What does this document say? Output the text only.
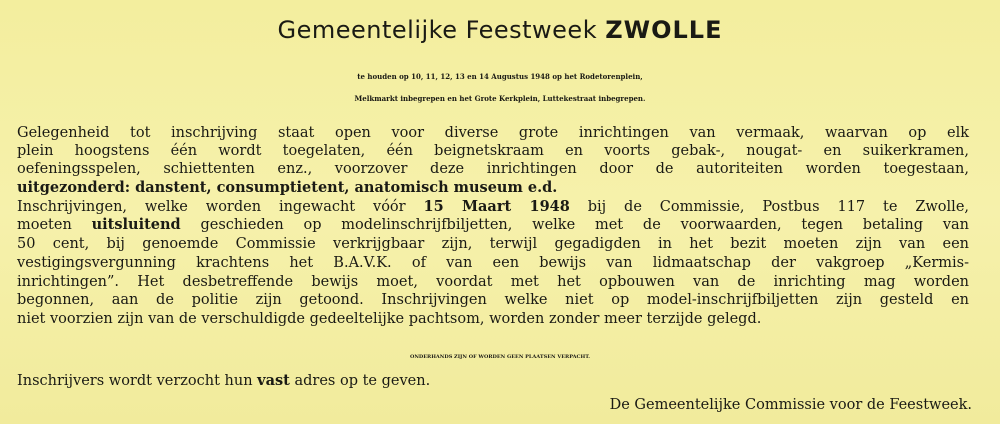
Gemeentelijke Feestweek ZWOLLE
te houden op 10, 11, 12, 13 en 14 Augustus 1948 op het Rodetorenplein,
Melkmarkt inbegrepen en het Grote Kerkplein, Luttekestraat inbegrepen.
Gelegenheid tot inschrijving staat open voor diverse grote inrichtingen van vermaak, waarvan op elk
plein hoogstens één wordt toegelaten, één beignetskraam en voorts gebak-, nougat- en suikerkramen,
oefeningsspelen, schiettenten enz., voorzover deze inrichtingen door de autoriteiten worden toegestaan,
uitgezonderd: danstent, consumptietent, anatomisch museum e.d.
Inschrijvingen, welke worden ingewacht vóór 15 Maart 1948 bij de Commissie, Postbus 117 te Zwolle,
moeten uitsluitend geschieden op modelinschrijfbiljetten, welke met de voorwaarden, tegen betaling van
50 cent, bij genoemde Commissie verkrijgbaar zijn, terwijl gegadigden in het bezit moeten zijn van een
vestigingsvergunning krachtens het B.A.V.K. of van een bewijs van lidmaatschap der vakgroep „Kermis-
inrichtingen”. Het desbetreffende bewijs moet, voordat met het opbouwen van de inrichting mag worden
begonnen, aan de politie zijn getoond. Inschrijvingen welke niet op model-inschrijfbiljetten zijn gesteld en
niet voorzien zijn van de verschuldigde gedeeltelijke pachtsom, worden zonder meer terzijde gelegd.
ONDERHANDS ZIJN OF WORDEN GEEN PLAATSEN VERPACHT.
Inschrijvers wordt verzocht hun vast adres op te geven.
De Gemeentelijke Commissie voor de Feestweek.
